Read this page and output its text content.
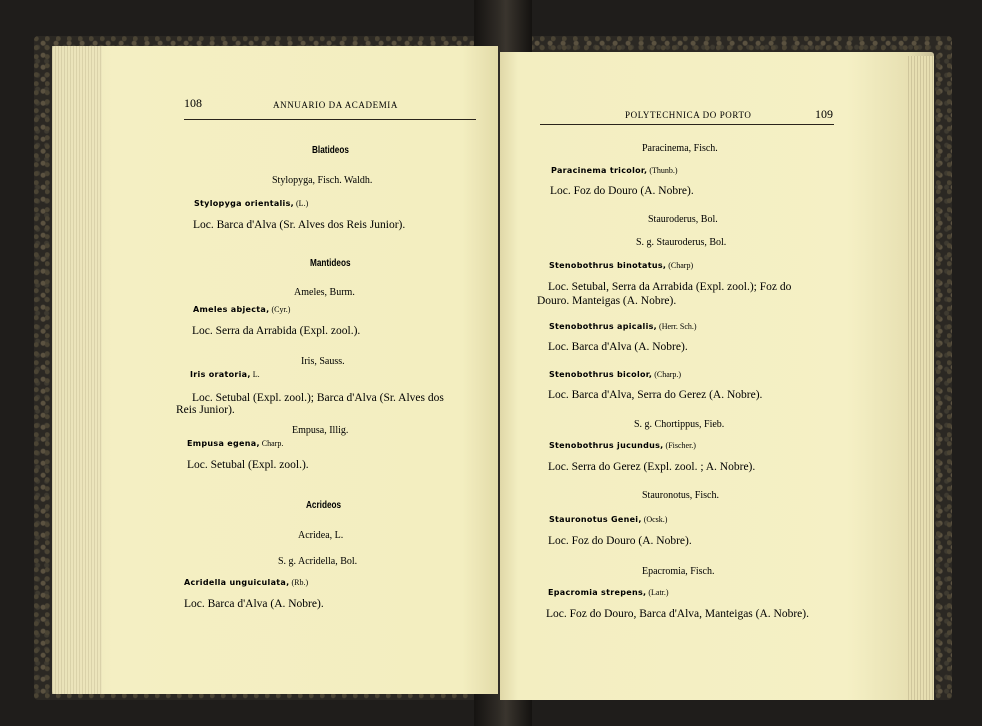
108	ANNUARIO DA ACADEMIA
Blatideos
Stylopyga, Fisch. Waldh.
Stylopyga orientalis, (L.)
Loc. Barca d'Alva (Sr. Alves dos Reis Junior).
Mantideos
Ameles, Burm.
Ameles abjecta, (Cyr.)
Loc. Serra da Arrabida (Expl. zool.).
Iris, Sauss.
Iris oratoria, L.
Loc. Setubal (Expl. zool.); Barca d'Alva (Sr. Alves dos
Reis Junior).
Empusa, Illig.
Empusa egena, Charp.
Loc. Setubal (Expl. zool.).
Acrideos
Acridea, L.
S. g. Acridella, Bol.
Acridella unguiculata, (Rb.)
Loc. Barca d'Alva (A. Nobre).
POLYTECHNICA DO PORTO	109
Paracinema, Fisch.
Paracinema tricolor, (Thunb.)
Loc. Foz do Douro (A. Nobre).
Stauroderus, Bol.
S. g. Stauroderus, Bol.
Stenobothrus binotatus, (Charp)
Loc. Setubal, Serra da Arrabida (Expl. zool.); Foz do
Douro. Manteigas (A. Nobre).
Stenobothrus apicalis, (Herr. Sch.)
Loc. Barca d'Alva (A. Nobre).
Stenobothrus bicolor, (Charp.)
Loc. Barca d'Alva, Serra do Gerez (A. Nobre).
S. g. Chortippus, Fieb.
Stenobothrus jucundus, (Fischer.)
Loc. Serra do Gerez (Expl. zool. ; A. Nobre).
Stauronotus, Fisch.
Stauronotus Genei, (Ocsk.)
Loc. Foz do Douro (A. Nobre).
Epacromia, Fisch.
Epacromia strepens, (Latr.)
Loc. Foz do Douro, Barca d'Alva, Manteigas (A. Nobre).
